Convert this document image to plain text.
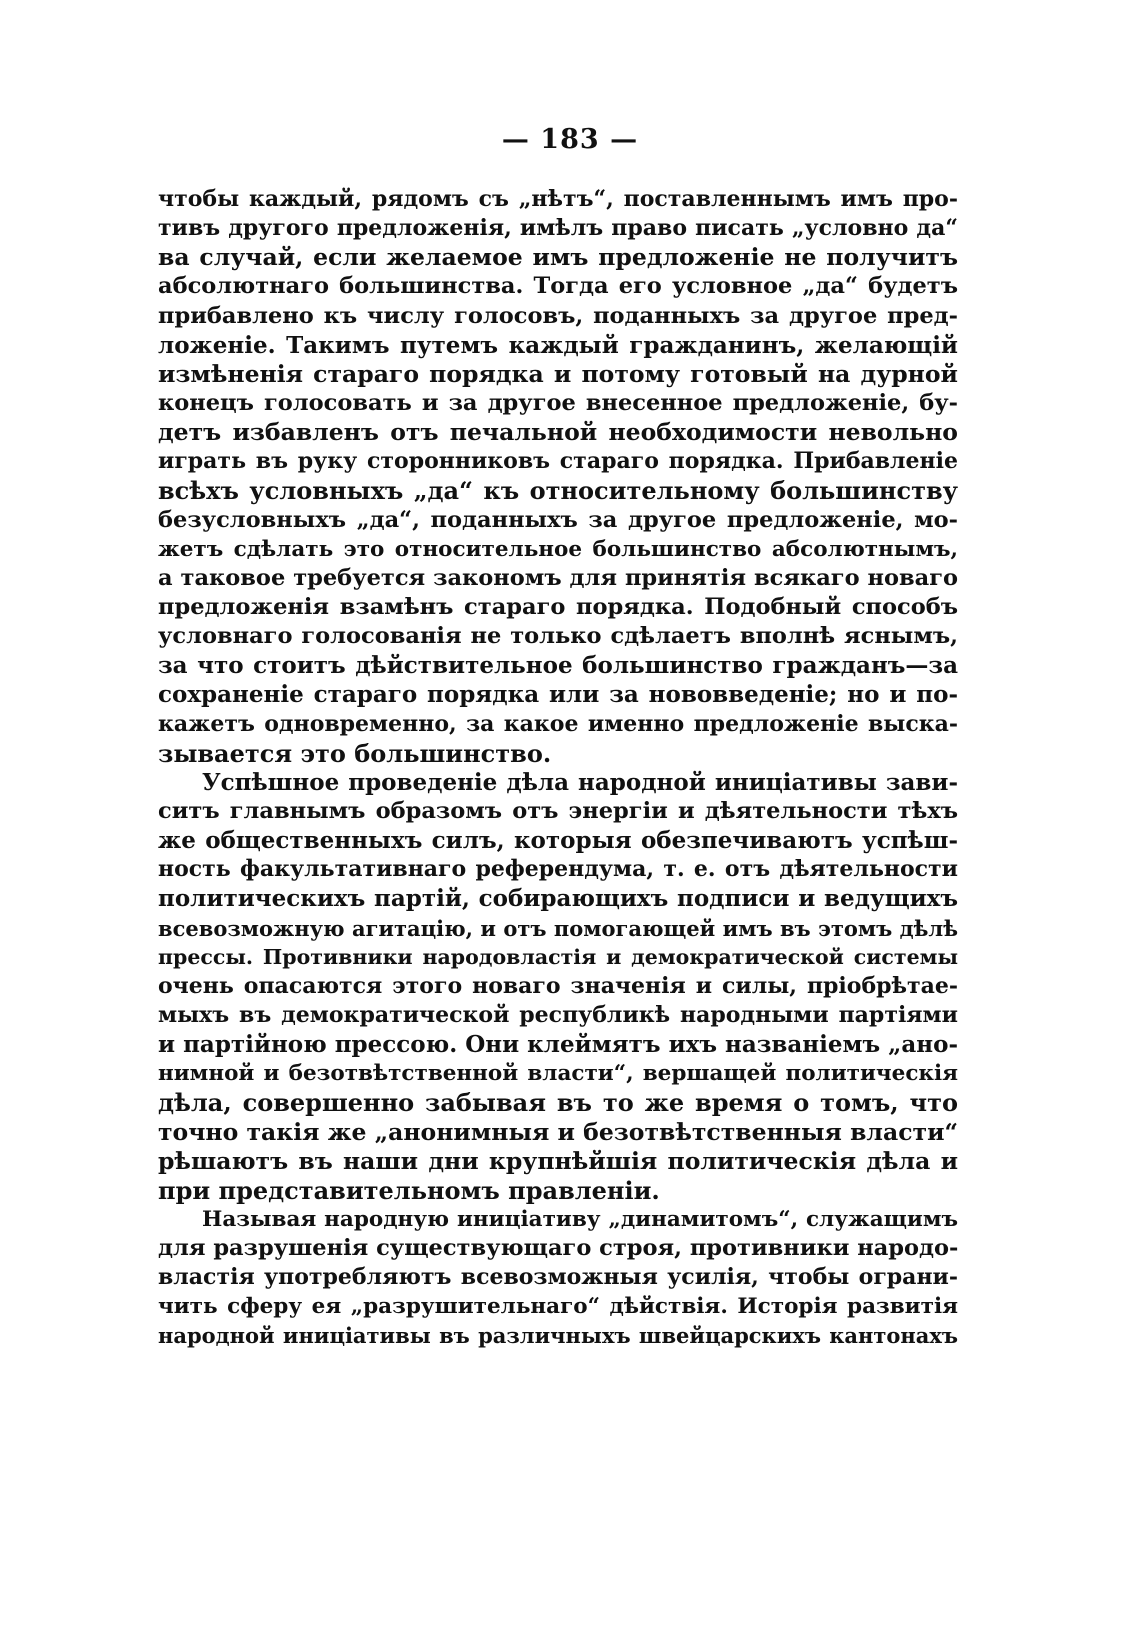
— 183 —
чтобы каждый, рядомъ съ „нѣтъ“, поставленнымъ имъ про-
тивъ другого предложенія, имѣлъ право писать „условно да“
ва случай, если желаемое имъ предложеніе не получитъ
абсолютнаго большинства. Тогда его условное „да“ будетъ
прибавлено къ числу голосовъ, поданныхъ за другое пред-
ложеніе. Такимъ путемъ каждый гражданинъ, желающій
измѣненія стараго порядка и потому готовый на дурной
конецъ голосовать и за другое внесенное предложеніе, бу-
детъ избавленъ отъ печальной необходимости невольно
играть въ руку сторонниковъ стараго порядка. Прибавленіе
всѣхъ условныхъ „да“ къ относительному большинству
безусловныхъ „да“, поданныхъ за другое предложеніе, мо-
жетъ сдѣлать это относительное большинство абсолютнымъ,
а таковое требуется закономъ для принятія всякаго новаго
предложенія взамѣнъ стараго порядка. Подобный способъ
условнаго голосованія не только сдѣлаетъ вполнѣ яснымъ,
за что стоитъ дѣйствительное большинство гражданъ—за
сохраненіе стараго порядка или за нововведеніе; но и по-
кажетъ одновременно, за какое именно предложеніе выска-
зывается это большинство.
Успѣшное проведеніе дѣла народной иниціативы зави-
ситъ главнымъ образомъ отъ энергіи и дѣятельности тѣхъ
же общественныхъ силъ, которыя обезпечиваютъ успѣш-
ность факультативнаго референдума, т. е. отъ дѣятельности
политическихъ партій, собирающихъ подписи и ведущихъ
всевозможную агитацію, и отъ помогающей имъ въ этомъ дѣлѣ
прессы. Противники народовластія и демократической системы
очень опасаются этого новаго значенія и силы, пріобрѣтае-
мыхъ въ демократической республикѣ народными партіями
и партійною прессою. Они клеймятъ ихъ названіемъ „ано-
нимной и безотвѣтственной власти“, вершащей политическія
дѣла, совершенно забывая въ то же время о томъ, что
точно такія же „анонимныя и безотвѣтственныя власти“
рѣшаютъ въ наши дни крупнѣйшія политическія дѣла и
при представительномъ правленіи.
Называя народную иниціативу „динамитомъ“, служащимъ
для разрушенія существующаго строя, противники народо-
властія употребляютъ всевозможныя усилія, чтобы ограни-
чить сферу ея „разрушительнаго“ дѣйствія. Исторія развитія
народной иниціативы въ различныхъ швейцарскихъ кантонахъ
